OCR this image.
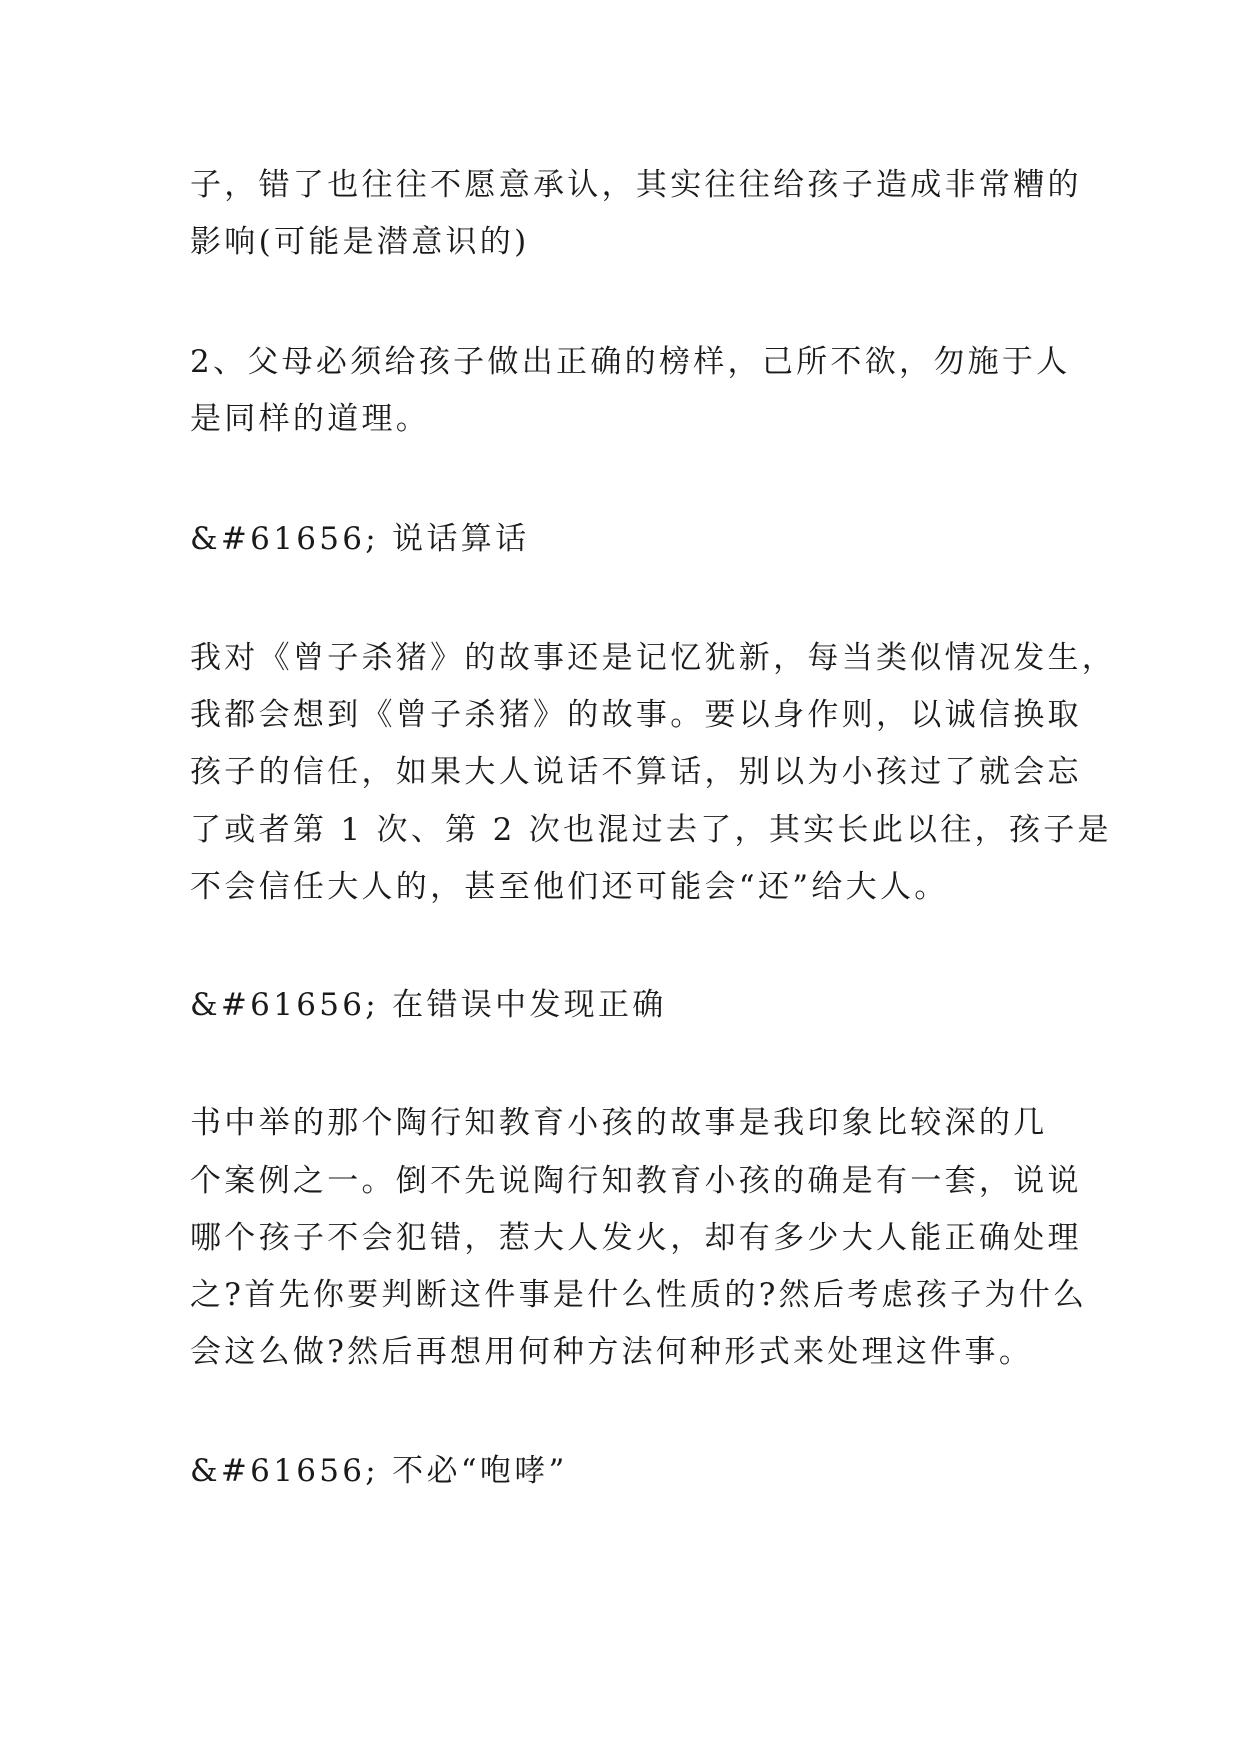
子，错了也往往不愿意承认，其实往往给孩子造成非常糟的
影响(可能是潜意识的)
2、父母必须给孩子做出正确的榜样，己所不欲，勿施于人
是同样的道理。
&#61656; 说话算话
我对《曾子杀猪》的故事还是记忆犹新，每当类似情况发生，
我都会想到《曾子杀猪》的故事。要以身作则，以诚信换取
孩子的信任，如果大人说话不算话，别以为小孩过了就会忘
了或者第 1 次、第 2 次也混过去了，其实长此以往，孩子是
不会信任大人的，甚至他们还可能会“还”给大人。
&#61656; 在错误中发现正确
书中举的那个陶行知教育小孩的故事是我印象比较深的几
个案例之一。倒不先说陶行知教育小孩的确是有一套，说说
哪个孩子不会犯错，惹大人发火，却有多少大人能正确处理
之?首先你要判断这件事是什么性质的?然后考虑孩子为什么
会这么做?然后再想用何种方法何种形式来处理这件事。
&#61656; 不必“咆哮”
